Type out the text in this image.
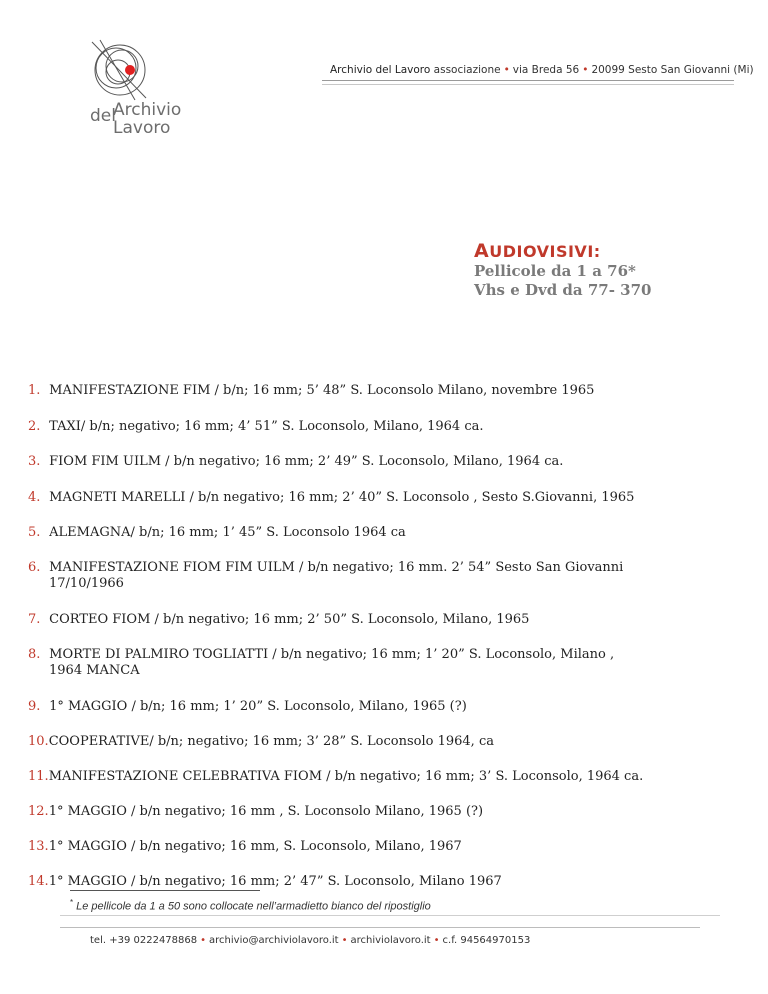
del
Archivio
Lavoro
Archivio del Lavoro associazione • via Breda 56 • 20099 Sesto San Giovanni (Mi)
AUDIOVISIVI:
Pellicole da 1 a 76*
Vhs e Dvd da 77- 370
1. MANIFESTAZIONE FIM / b/n; 16 mm; 5’ 48” S. Loconsolo Milano, novembre 1965
2. TAXI/ b/n; negativo; 16 mm; 4’ 51” S. Loconsolo, Milano, 1964 ca.
3. FIOM FIM UILM / b/n negativo; 16 mm; 2’ 49” S. Loconsolo, Milano, 1964 ca.
4. MAGNETI MARELLI / b/n negativo; 16 mm; 2’ 40” S. Loconsolo , Sesto S.Giovanni, 1965
5. ALEMAGNA/ b/n; 16 mm; 1’ 45” S. Loconsolo 1964 ca
6. MANIFESTAZIONE FIOM FIM UILM / b/n negativo; 16 mm. 2’ 54” Sesto San Giovanni
17/10/1966
7. CORTEO FIOM / b/n negativo; 16 mm; 2’ 50” S. Loconsolo, Milano, 1965
8. MORTE DI PALMIRO TOGLIATTI / b/n negativo; 16 mm; 1’ 20” S. Loconsolo, Milano ,
1964 MANCA
9. 1° MAGGIO / b/n; 16 mm; 1’ 20” S. Loconsolo, Milano, 1965 (?)
10.COOPERATIVE/ b/n; negativo; 16 mm; 3’ 28” S. Loconsolo 1964, ca
11.MANIFESTAZIONE CELEBRATIVA FIOM / b/n negativo; 16 mm; 3’ S. Loconsolo, 1964 ca.
12.1° MAGGIO / b/n negativo; 16 mm , S. Loconsolo Milano, 1965 (?)
13.1° MAGGIO / b/n negativo; 16 mm, S. Loconsolo, Milano, 1967
14.1° MAGGIO / b/n negativo; 16 mm; 2’ 47” S. Loconsolo, Milano 1967
* Le pellicole da 1 a 50 sono collocate nell’armadietto bianco del ripostiglio
tel. +39 0222478868 • archivio@archiviolavoro.it • archiviolavoro.it • c.f. 94564970153
